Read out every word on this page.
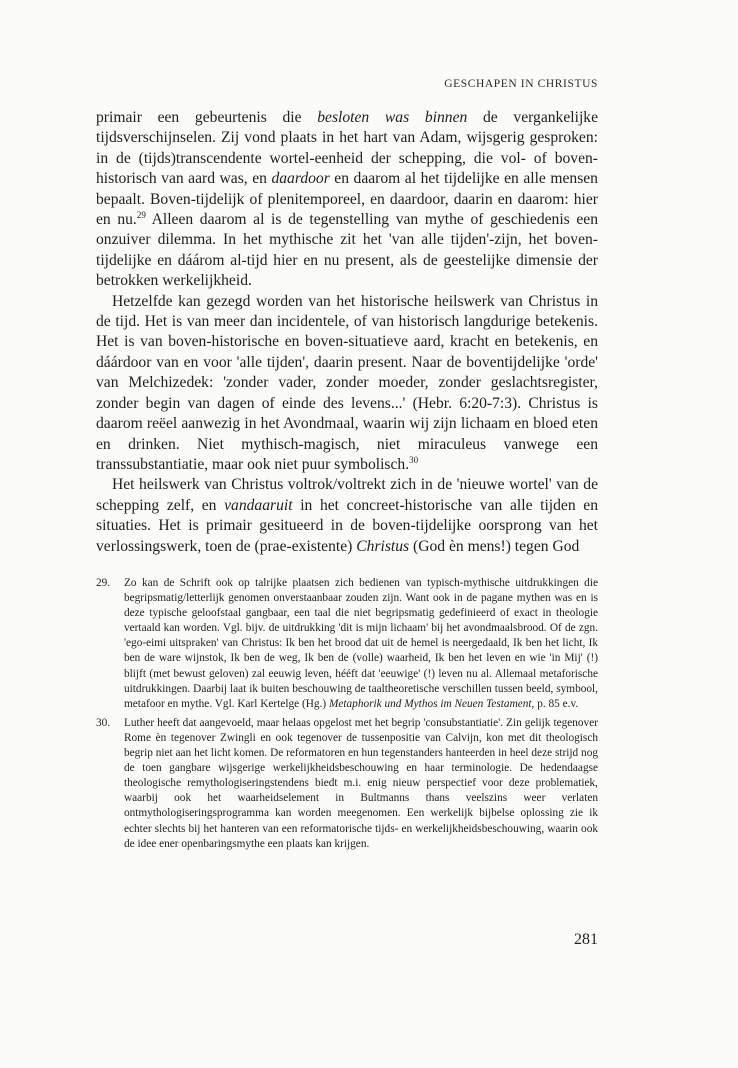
GESCHAPEN IN CHRISTUS

primair een gebeurtenis die besloten was binnen de vergankelijke tijdsverschijnselen. Zij vond plaats in het hart van Adam, wijsgerig gesproken: in de (tijds)transcendente wortel-eenheid der schepping, die vol- of boven-historisch van aard was, en daardoor en daarom al het tijdelijke en alle mensen bepaalt. Boven-tijdelijk of plenitemporeel, en daardoor, daarin en daarom: hier en nu.$^{29}$ Alleen daarom al is de tegenstelling van mythe of geschiedenis een onzuiver dilemma. In het mythische zit het 'van alle tijden'-zijn, het boven-tijdelijke en dáárom al-tijd hier en nu present, als de geestelijke dimensie der betrokken werkelijkheid.

Hetzelfde kan gezegd worden van het historische heilswerk van Christus in de tijd. Het is van meer dan incidentele, of van historisch langdurige betekenis. Het is van boven-historische en boven-situatieve aard, kracht en betekenis, en dáárdoor van en voor 'alle tijden', daarin present. Naar de boventijdelijke 'orde' van Melchizedek: 'zonder vader, zonder moeder, zonder geslachtsregister, zonder begin van dagen of einde des levens...' (Hebr. 6:20-7:3). Christus is daarom reëel aanwezig in het Avondmaal, waarin wij zijn lichaam en bloed eten en drinken. Niet mythisch-magisch, niet miraculeus vanwege een transsubstantiatie, maar ook niet puur symbolisch.$^{30}$

Het heilswerk van Christus voltrok/voltrekt zich in de 'nieuwe wortel' van de schepping zelf, en vandaaruit in het concreet-historische van alle tijden en situaties. Het is primair gesitueerd in de boven-tijdelijke oorsprong van het verlossingswerk, toen de (prae-existente) Christus (God èn mens!) tegen God

29.	Zo kan de Schrift ook op talrijke plaatsen zich bedienen van typisch-mythische uitdrukkingen die begripsmatig/letterlijk genomen onverstaanbaar zouden zijn. Want ook in de pagane mythen was en is deze typische geloofstaal gangbaar, een taal die niet begripsmatig gedefinieerd of exact in theologie vertaald kan worden. Vgl. bijv. de uitdrukking 'dit is mijn lichaam' bij het avondmaalsbrood. Of de zgn. 'ego-eimi uitspraken' van Christus: Ik ben het brood dat uit de hemel is neergedaald, Ik ben het licht, Ik ben de ware wijnstok, Ik ben de weg, Ik ben de (volle) waarheid, Ik ben het leven en wie 'in Mij' (!) blijft (met bewust geloven) zal eeuwig leven, hééft dat 'eeuwige' (!) leven nu al. Allemaal metaforische uitdrukkingen. Daarbij laat ik buiten beschouwing de taaltheoretische verschillen tussen beeld, symbool, metafoor en mythe. Vgl. Karl Kertelge (Hg.) Metaphorik und Mythos im Neuen Testament, p. 85 e.v.
30.	Luther heeft dat aangevoeld, maar helaas opgelost met het begrip 'consubstantiatie'. Zin gelijk tegenover Rome èn tegenover Zwingli en ook tegenover de tussenpositie van Calvijn, kon met dit theologisch begrip niet aan het licht komen. De reformatoren en hun tegenstanders hanteerden in heel deze strijd nog de toen gangbare wijsgerige werkelijkheidsbeschouwing en haar terminologie. De hedendaagse theologische remythologiseringstendens biedt m.i. enig nieuw perspectief voor deze problematiek, waarbij ook het waarheidselement in Bultmanns thans veelszins weer verlaten ontmythologiseringsprogramma kan worden meegenomen. Een werkelijk bijbelse oplossing zie ik echter slechts bij het hanteren van een reformatorische tijds- en werkelijkheidsbeschouwing, waarin ook de idee ener openbaringsmythe een plaats kan krijgen.
281
